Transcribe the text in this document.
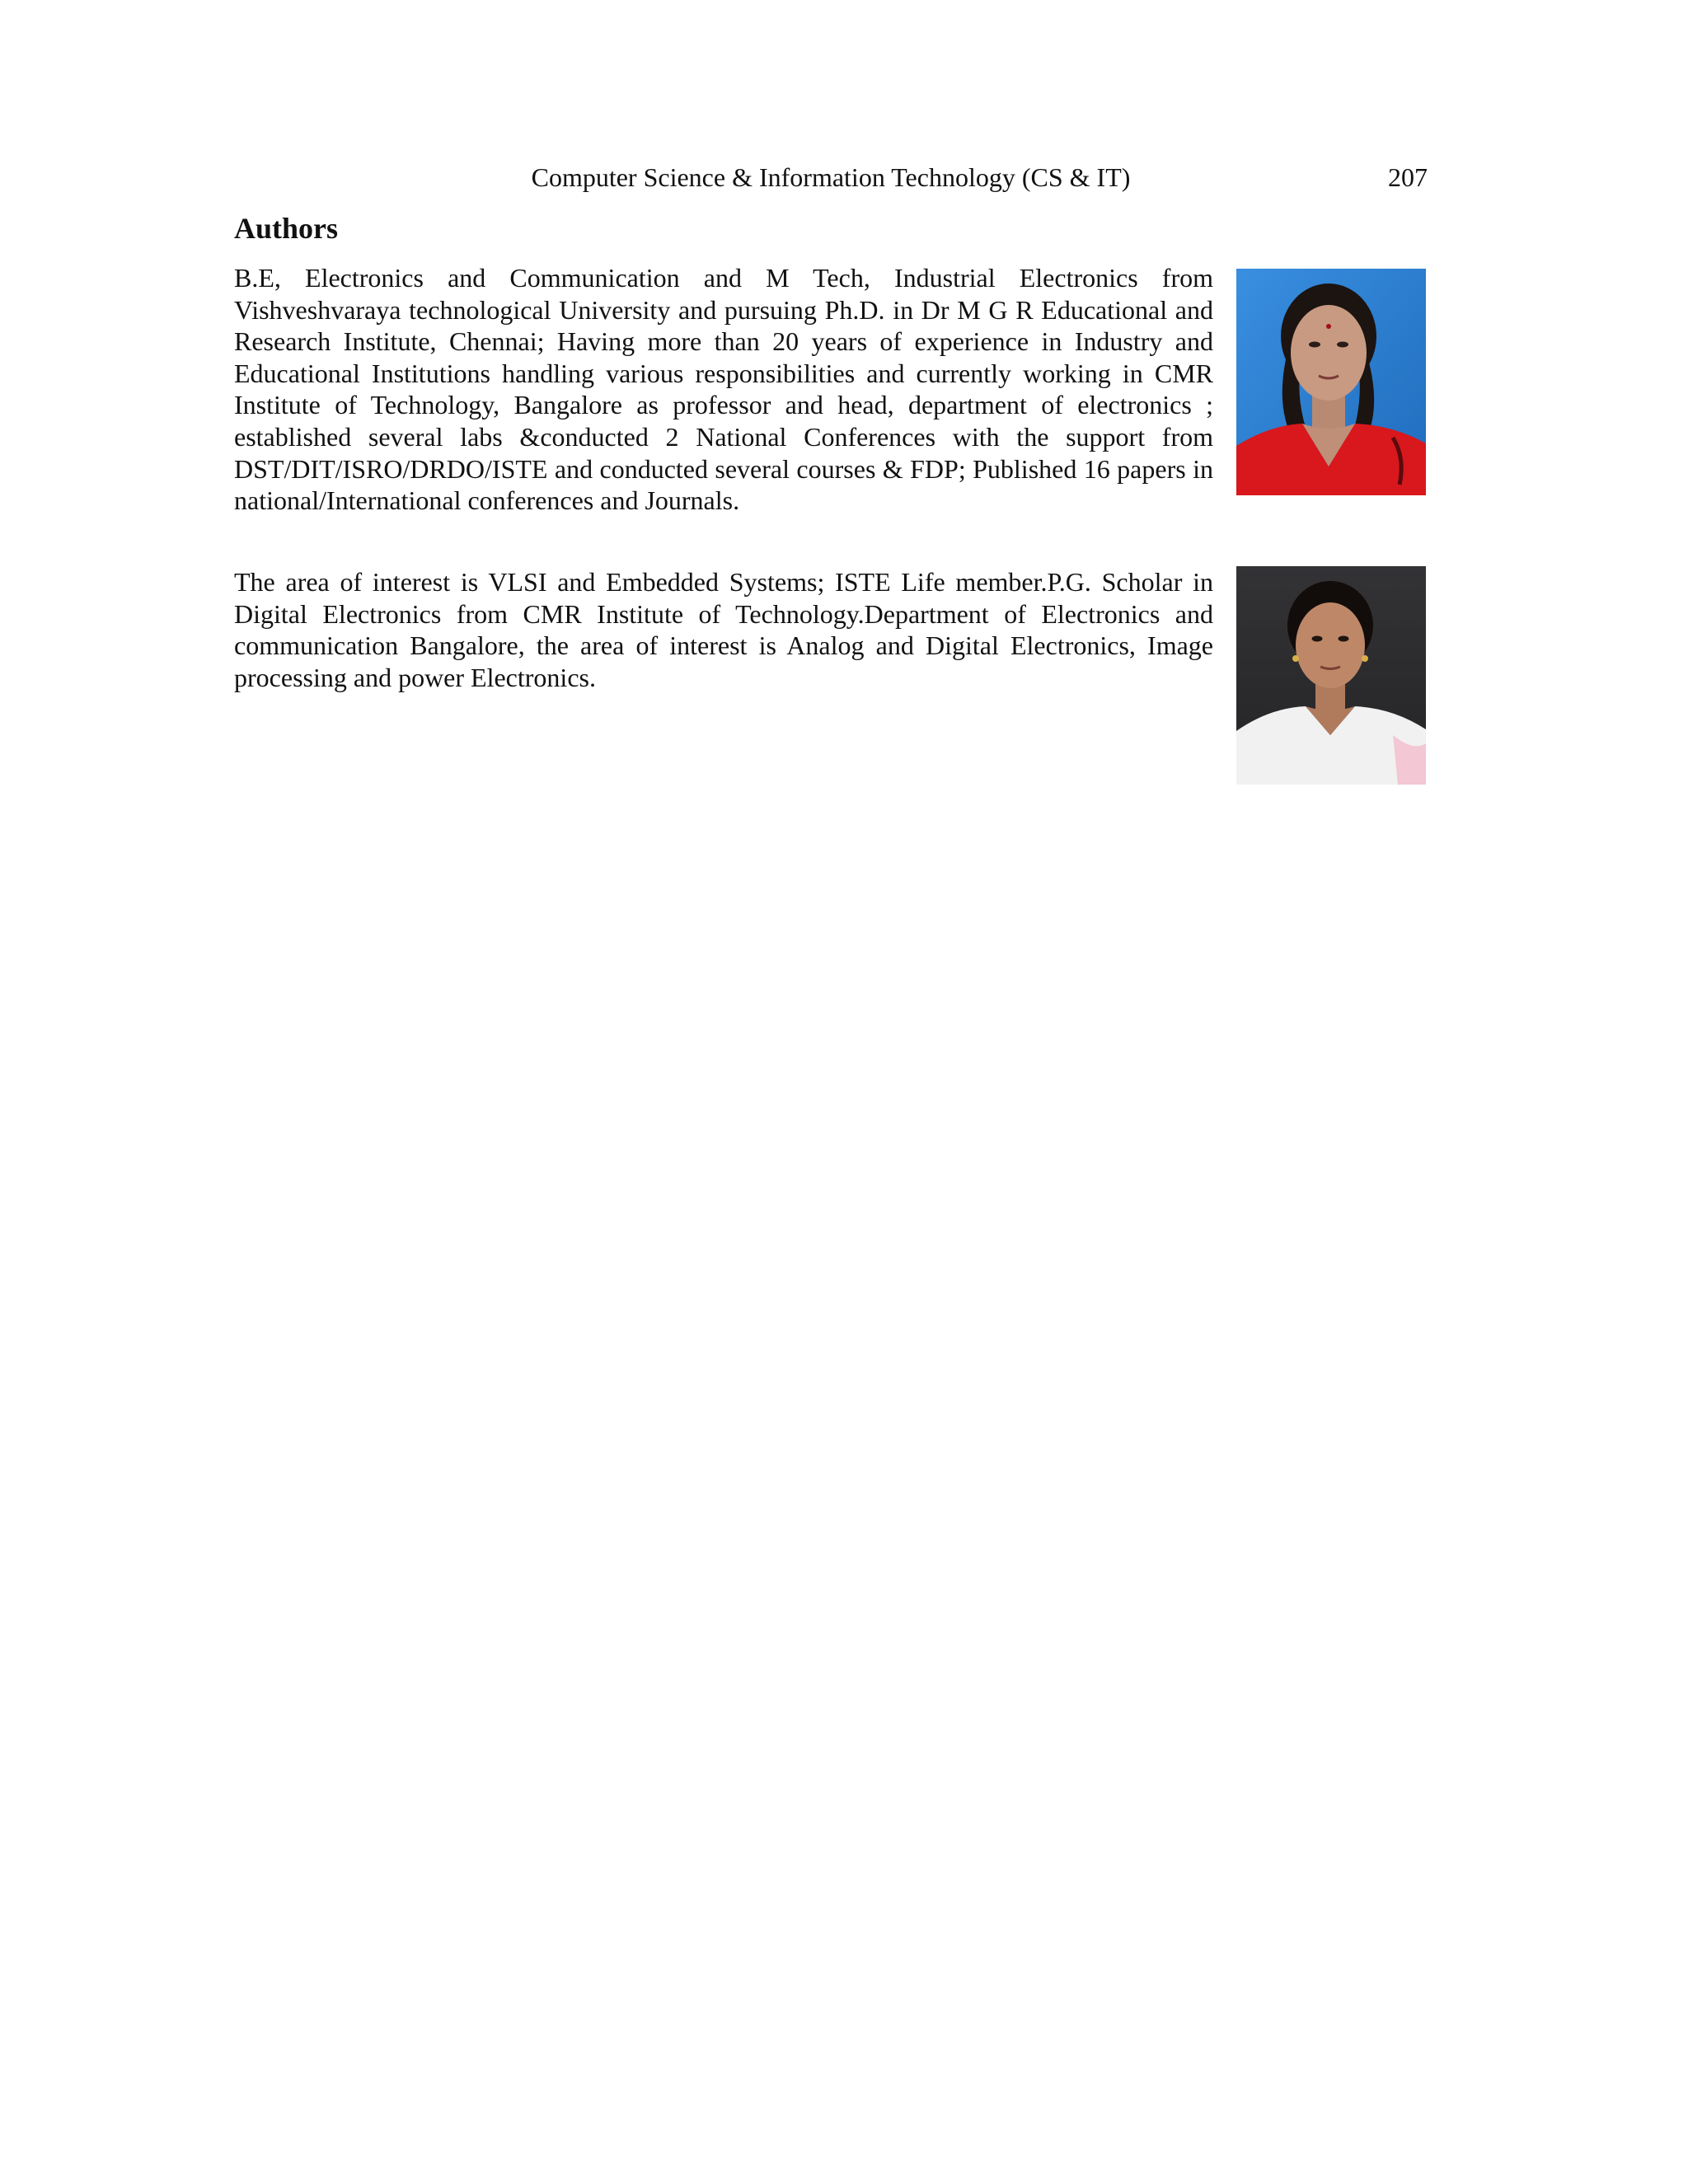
Computer Science & Information Technology (CS & IT)	207
Authors

B.E, Electronics and Communication and M Tech, Industrial Electronics from Vishveshvaraya technological University and pursuing Ph.D. in Dr M G R Educational and Research Institute, Chennai; Having more than 20 years of experience in Industry and Educational Institutions handling various responsibilities and currently working in CMR Institute of Technology, Bangalore as professor and head, department of electronics ; established several labs &conducted 2 National Conferences with the support from DST/DIT/ISRO/DRDO/ISTE and conducted several courses & FDP; Published 16 papers in national/International conferences and Journals.

The area of interest is VLSI and Embedded Systems; ISTE Life member.P.G. Scholar in Digital Electronics from CMR Institute of Technology.Department of Electronics and communication Bangalore, the area of interest is Analog and Digital Electronics, Image processing and power Electronics.
